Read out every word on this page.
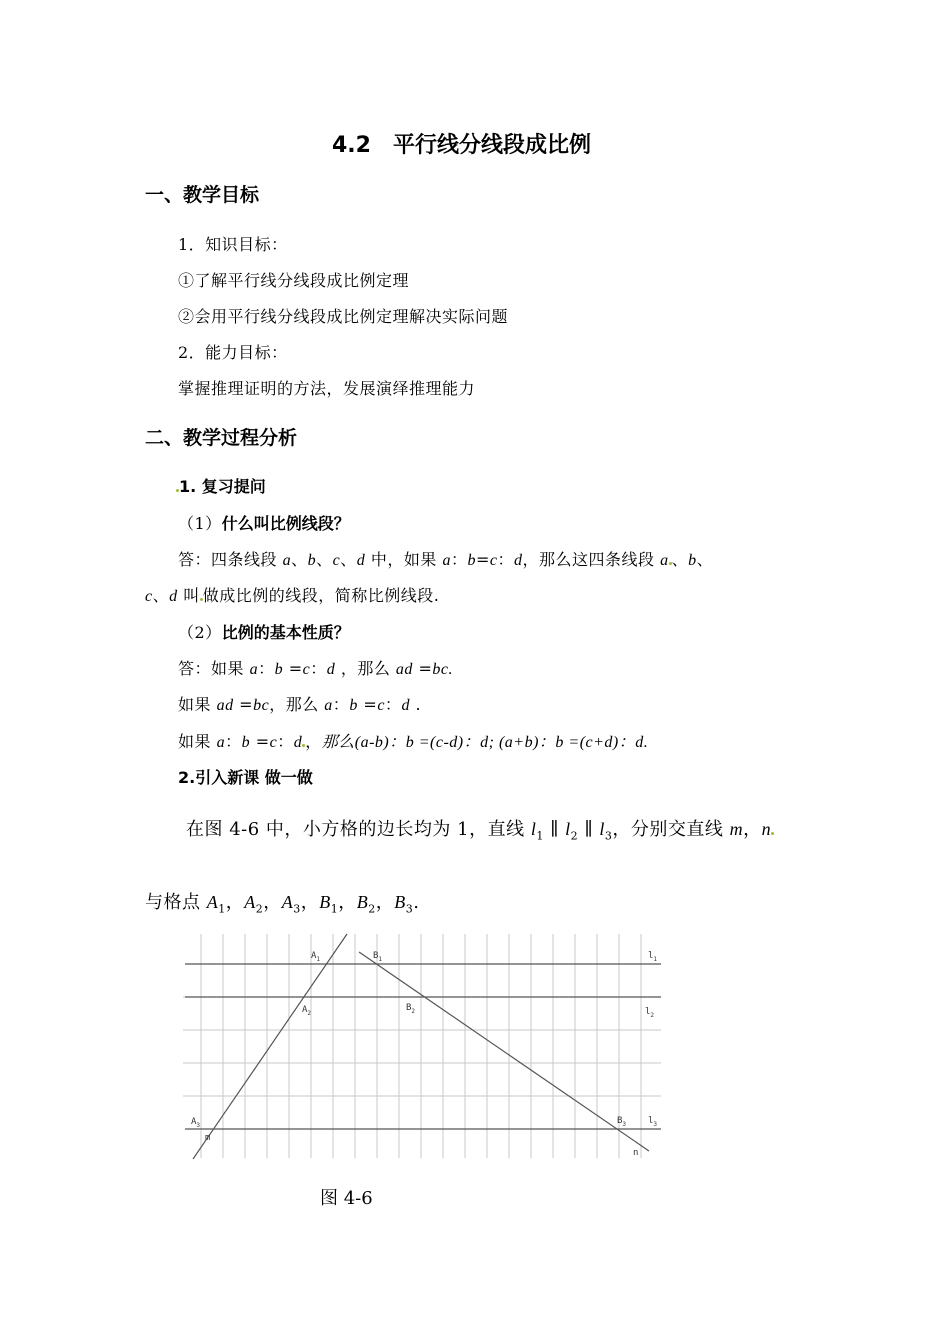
4.2　平行线分线段成比例
一、教学目标
1．知识目标：
①了解平行线分线段成比例定理
②会用平行线分线段成比例定理解决实际问题
2．能力目标：
掌握推理证明的方法，发展演绎推理能力
二、教学过程分析
1. 复习提问
（1）什么叫比例线段？
答：四条线段 a、b、c、d 中，如果 a：b=c：d，那么这四条线段 a 、b、
c、d 叫 做成比例的线段，简称比例线段.
（2）比例的基本性质？
答：如果 a：b =c：d ，那么 ad =bc.
如果 ad =bc，那么 a：b =c：d .
如果 a：b =c：d ，那么(a-b)：b =(c-d)：d; (a+b)：b =(c+d)：d.
2.引入新课 做一做
在图 4-6 中，小方格的边长均为 1，直线 $l_1$ ∥ $l_2$ ∥ $l_3$，分别交直线 m，n
与格点 $A_1$，$A_2$，$A_3$，$B_1$，$B_2$，$B_3$.
$A_1$	$B_1$	$l_1$
$A_2$
$B_2$	$l_2$
$A_3$	$B_3$ $l_3$
m
n
图 4-6
